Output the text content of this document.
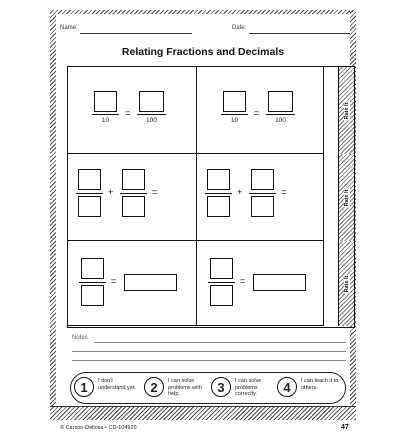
Name:	Date:
Relating Fractions and Decimals
10
=
100	10
=
100
Rate It
+	=	+	=	Rate It
=	=	Rate It
Notes
1	I don't understand yet.	2	I can solve problems with help.	3	I can solve problems correctly.	4	I can teach it to others.
© Carson-Dellosa • CD-104920	47
